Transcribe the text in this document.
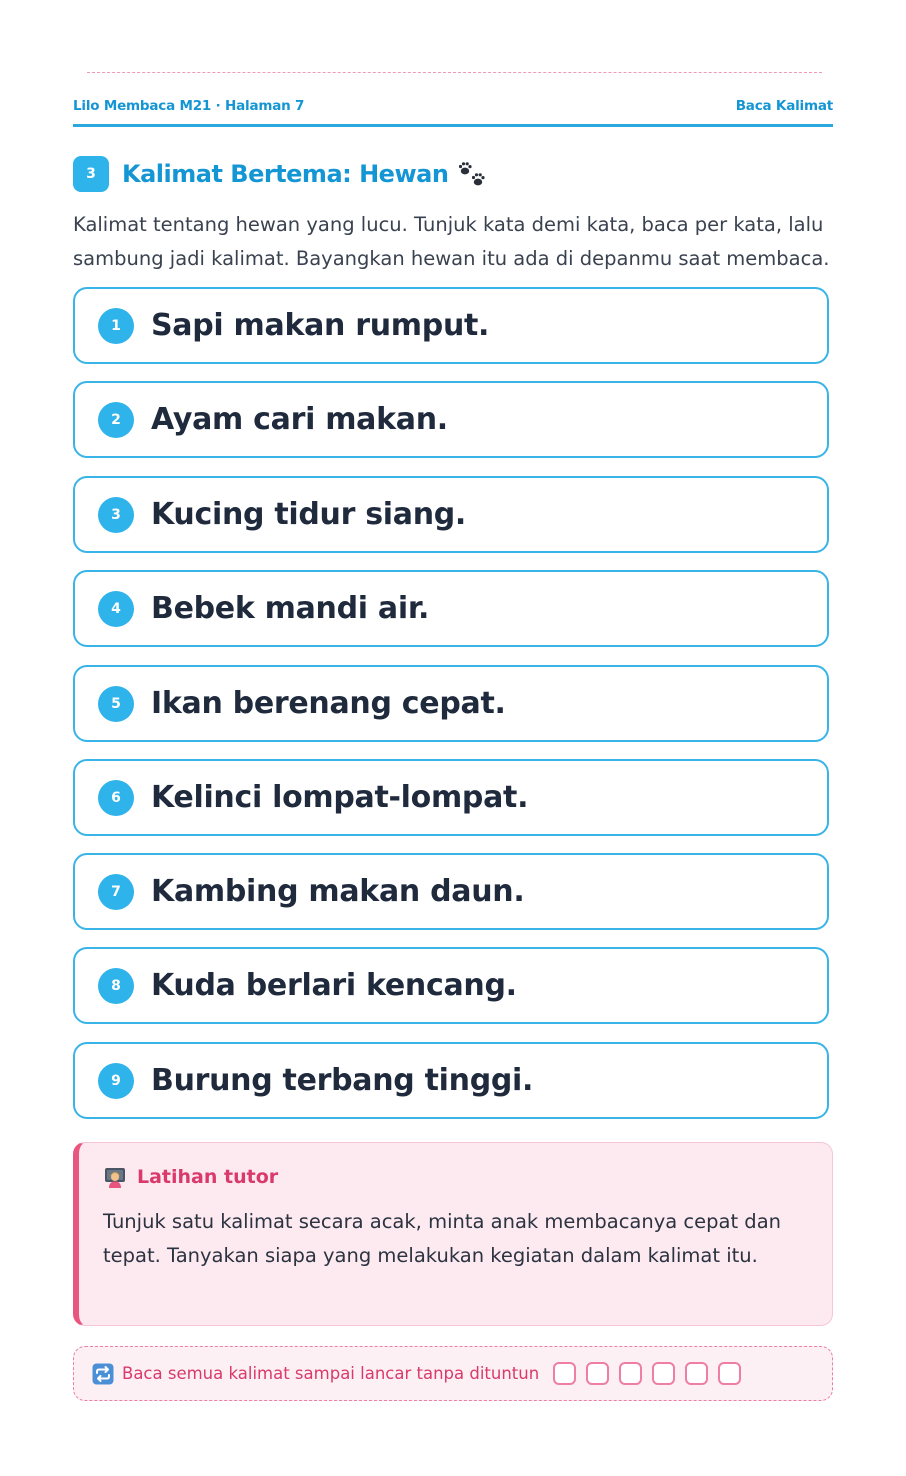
Lilo Membaca M21 · Halaman 7	Baca Kalimat
3	Kalimat Bertema: Hewan
Kalimat tentang hewan yang lucu. Tunjuk kata demi kata, baca per kata, lalu sambung jadi kalimat. Bayangkan hewan itu ada di depanmu saat membaca.
1	Sapi makan rumput.
2	Ayam cari makan.
3	Kucing tidur siang.
4	Bebek mandi air.
5	Ikan berenang cepat.
6	Kelinci lompat-lompat.
7	Kambing makan daun.
8	Kuda berlari kencang.
9	Burung terbang tinggi.
Latihan tutor
Tunjuk satu kalimat secara acak, minta anak membacanya cepat dan tepat. Tanyakan siapa yang melakukan kegiatan dalam kalimat itu.
Baca semua kalimat sampai lancar tanpa dituntun
